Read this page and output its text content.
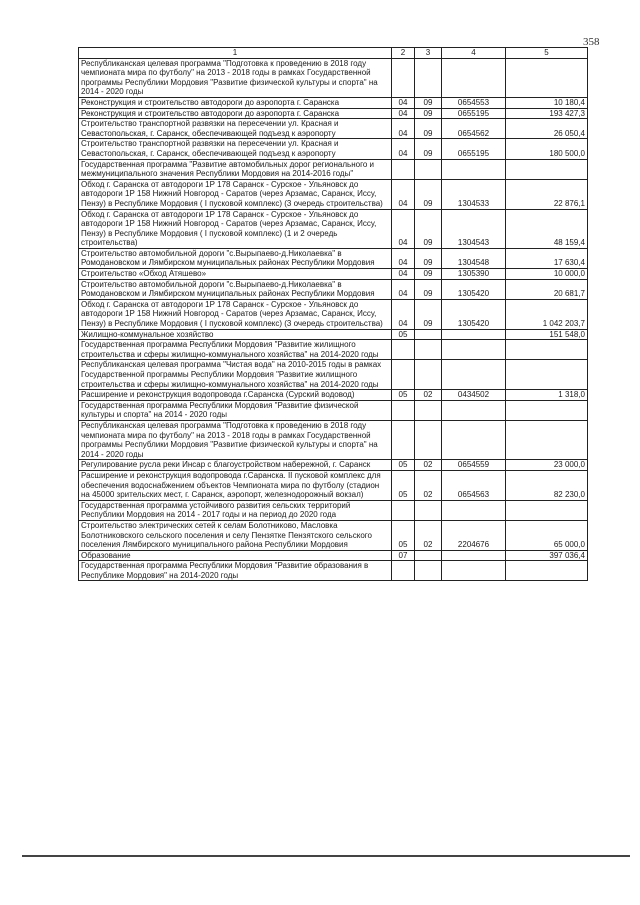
358
1	2	3	4	5
Республиканская целевая программа "Подготовка к проведению в 2018 году чемпионата мира по футболу" на 2013 - 2018 годы в рамках Государственной программы Республики Мордовия "Развитие физической культуры и спорта" на 2014 - 2020 годы				
Реконструкция и строительство автодороги до аэропорта г. Саранска	04	09	0654553	10 180,4
Реконструкция и строительство автодороги до аэропорта г. Саранска	04	09	0655195	193 427,3
Строительство транспортной развязки на пересечении ул. Красная и Севастопольская, г. Саранск, обеспечивающей подъезд к аэропорту	04	09	0654562	26 050,4
Строительство транспортной развязки на пересечении ул. Красная и Севастопольская, г. Саранск, обеспечивающей подъезд к аэропорту	04	09	0655195	180 500,0
Государственная программа "Развитие автомобильных дорог регионального и межмуниципального значения Республики Мордовия на 2014-2016 годы"				
Обход г. Саранска от автодороги 1Р 178 Саранск - Сурское - Ульяновск до автодороги 1Р 158 Нижний Новгород - Саратов (через Арзамас, Саранск, Иссу, Пензу) в Республике Мордовия ( I пусковой комплекс) (3 очередь строительства)	04	09	1304533	22 876,1
Обход г. Саранска от автодороги 1Р 178 Саранск - Сурское - Ульяновск до автодороги 1Р 158 Нижний Новгород - Саратов (через Арзамас, Саранск, Иссу, Пензу) в Республике Мордовия ( I пусковой комплекс) (1 и 2 очередь строительства)	04	09	1304543	48 159,4
Строительство автомобильной дороги "с.Вырыпаево-д.Николаевка" в Ромодановском и Лямбирском муниципальных районах Республики Мордовия	04	09	1304548	17 630,4
Строительство «Обход Атяшево»	04	09	1305390	10 000,0
Строительство автомобильной дороги "с.Вырыпаево-д.Николаевка" в Ромодановском и Лямбирском муниципальных районах Республики Мордовия	04	09	1305420	20 681,7
Обход г. Саранска от автодороги 1Р 178 Саранск - Сурское - Ульяновск до автодороги 1Р 158 Нижний Новгород - Саратов (через Арзамас, Саранск, Иссу, Пензу) в Республике Мордовия ( I пусковой комплекс) (3 очередь строительства)	04	09	1305420	1 042 203,7
Жилищно-коммунальное хозяйство	05			151 548,0
Государственная программа Республики Мордовия "Развитие жилищного строительства и сферы жилищно-коммунального хозяйства" на 2014-2020 годы				
Республиканская целевая программа "Чистая вода" на 2010-2015 годы в рамках Государственной программы Республики Мордовия "Развитие жилищного строительства и сферы жилищно-коммунального хозяйства" на 2014-2020 годы				
Расширение и реконструкция водопровода г.Саранска (Сурский водовод)	05	02	0434502	1 318,0
Государственная программа Республики Мордовия "Развитие физической культуры и спорта" на 2014 - 2020 годы				
Республиканская целевая программа "Подготовка к проведению в 2018 году чемпионата мира по футболу" на 2013 - 2018 годы в рамках Государственной программы Республики Мордовия "Развитие физической культуры и спорта" на 2014 - 2020 годы				
Регулирование русла реки Инсар с благоустройством набережной, г. Саранск	05	02	0654559	23 000,0
Расширение и реконструкция водопровода г.Саранска. II пусковой комплекс для обеспечения водоснабжением объектов Чемпионата мира по футболу (стадион на 45000 зрительских мест, г. Саранск, аэропорт, железнодорожный вокзал)	05	02	0654563	82 230,0
Государственная программа устойчивого развития сельских территорий Республики Мордовия на 2014 - 2017 годы и на период до 2020 года				
Строительство электрических сетей к селам Болотниково, Масловка Болотниковского сельского поселения и селу Пензятке Пензятского сельского поселения Лямбирского муниципального района Республики Мордовия	05	02	2204676	65 000,0
Образование	07			397 036,4
Государственная программа Республики Мордовия "Развитие образования в Республике Мордовия" на 2014-2020 годы				
